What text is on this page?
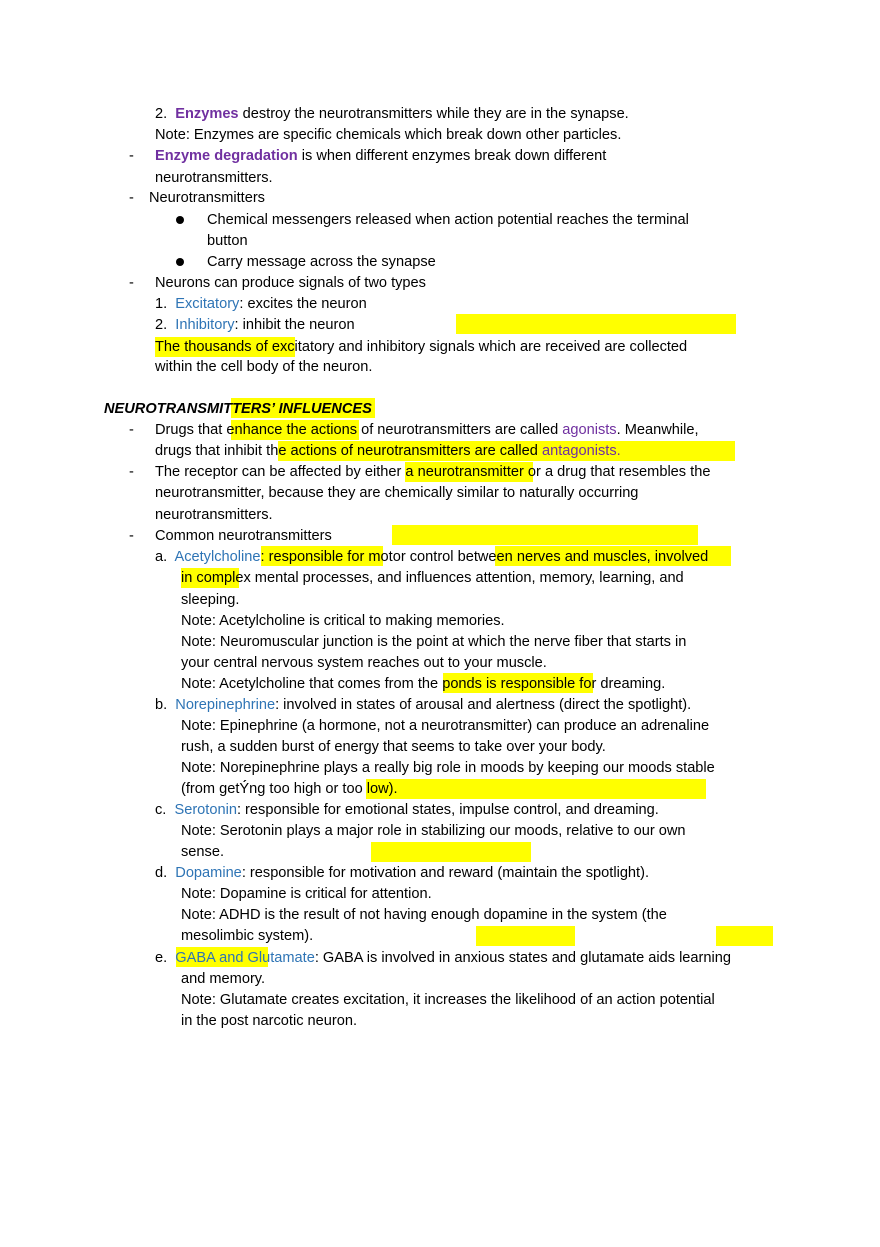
2. Enzymes destroy the neurotransmitters while they are in the synapse.
Note: Enzymes are specific chemicals which break down other particles.
- Enzyme degradation is when different enzymes break down different
neurotransmitters.
- Neurotransmitters
Chemical messengers released when action potential reaches the terminal
button
Carry message across the synapse
- Neurons can produce signals of two types
1. Excitatory: excites the neuron
2. Inhibitory: inhibit the neuron
The thousands of excitatory and inhibitory signals which are received are collected
within the cell body of the neuron.
NEUROTRANSMITTERS’ INFLUENCES
- Drugs that enhance the actions of neurotransmitters are called agonists. Meanwhile,
drugs that inhibit the actions of neurotransmitters are called antagonists.
- The receptor can be affected by either a neurotransmitter or a drug that resembles the
neurotransmitter, because they are chemically similar to naturally occurring
neurotransmitters.
- Common neurotransmitters
a. Acetylcholine: responsible for motor control between nerves and muscles, involved
in complex mental processes, and influences attention, memory, learning, and
sleeping.
Note: Acetylcholine is critical to making memories.
Note: Neuromuscular junction is the point at which the nerve fiber that starts in
your central nervous system reaches out to your muscle.
Note: Acetylcholine that comes from the ponds is responsible for dreaming.
b. Norepinephrine: involved in states of arousal and alertness (direct the spotlight).
Note: Epinephrine (a hormone, not a neurotransmitter) can produce an adrenaline
rush, a sudden burst of energy that seems to take over your body.
Note: Norepinephrine plays a really big role in moods by keeping our moods stable
(from getÝ́ng too high or too low).
c. Serotonin: responsible for emotional states, impulse control, and dreaming.
Note: Serotonin plays a major role in stabilizing our moods, relative to our own
sense.
d. Dopamine: responsible for motivation and reward (maintain the spotlight).
Note: Dopamine is critical for attention.
Note: ADHD is the result of not having enough dopamine in the system (the
mesolimbic system).
e. GABA and Glutamate: GABA is involved in anxious states and glutamate aids learning
and memory.
Note: Glutamate creates excitation, it increases the likelihood of an action potential
in the post narcotic neuron.
